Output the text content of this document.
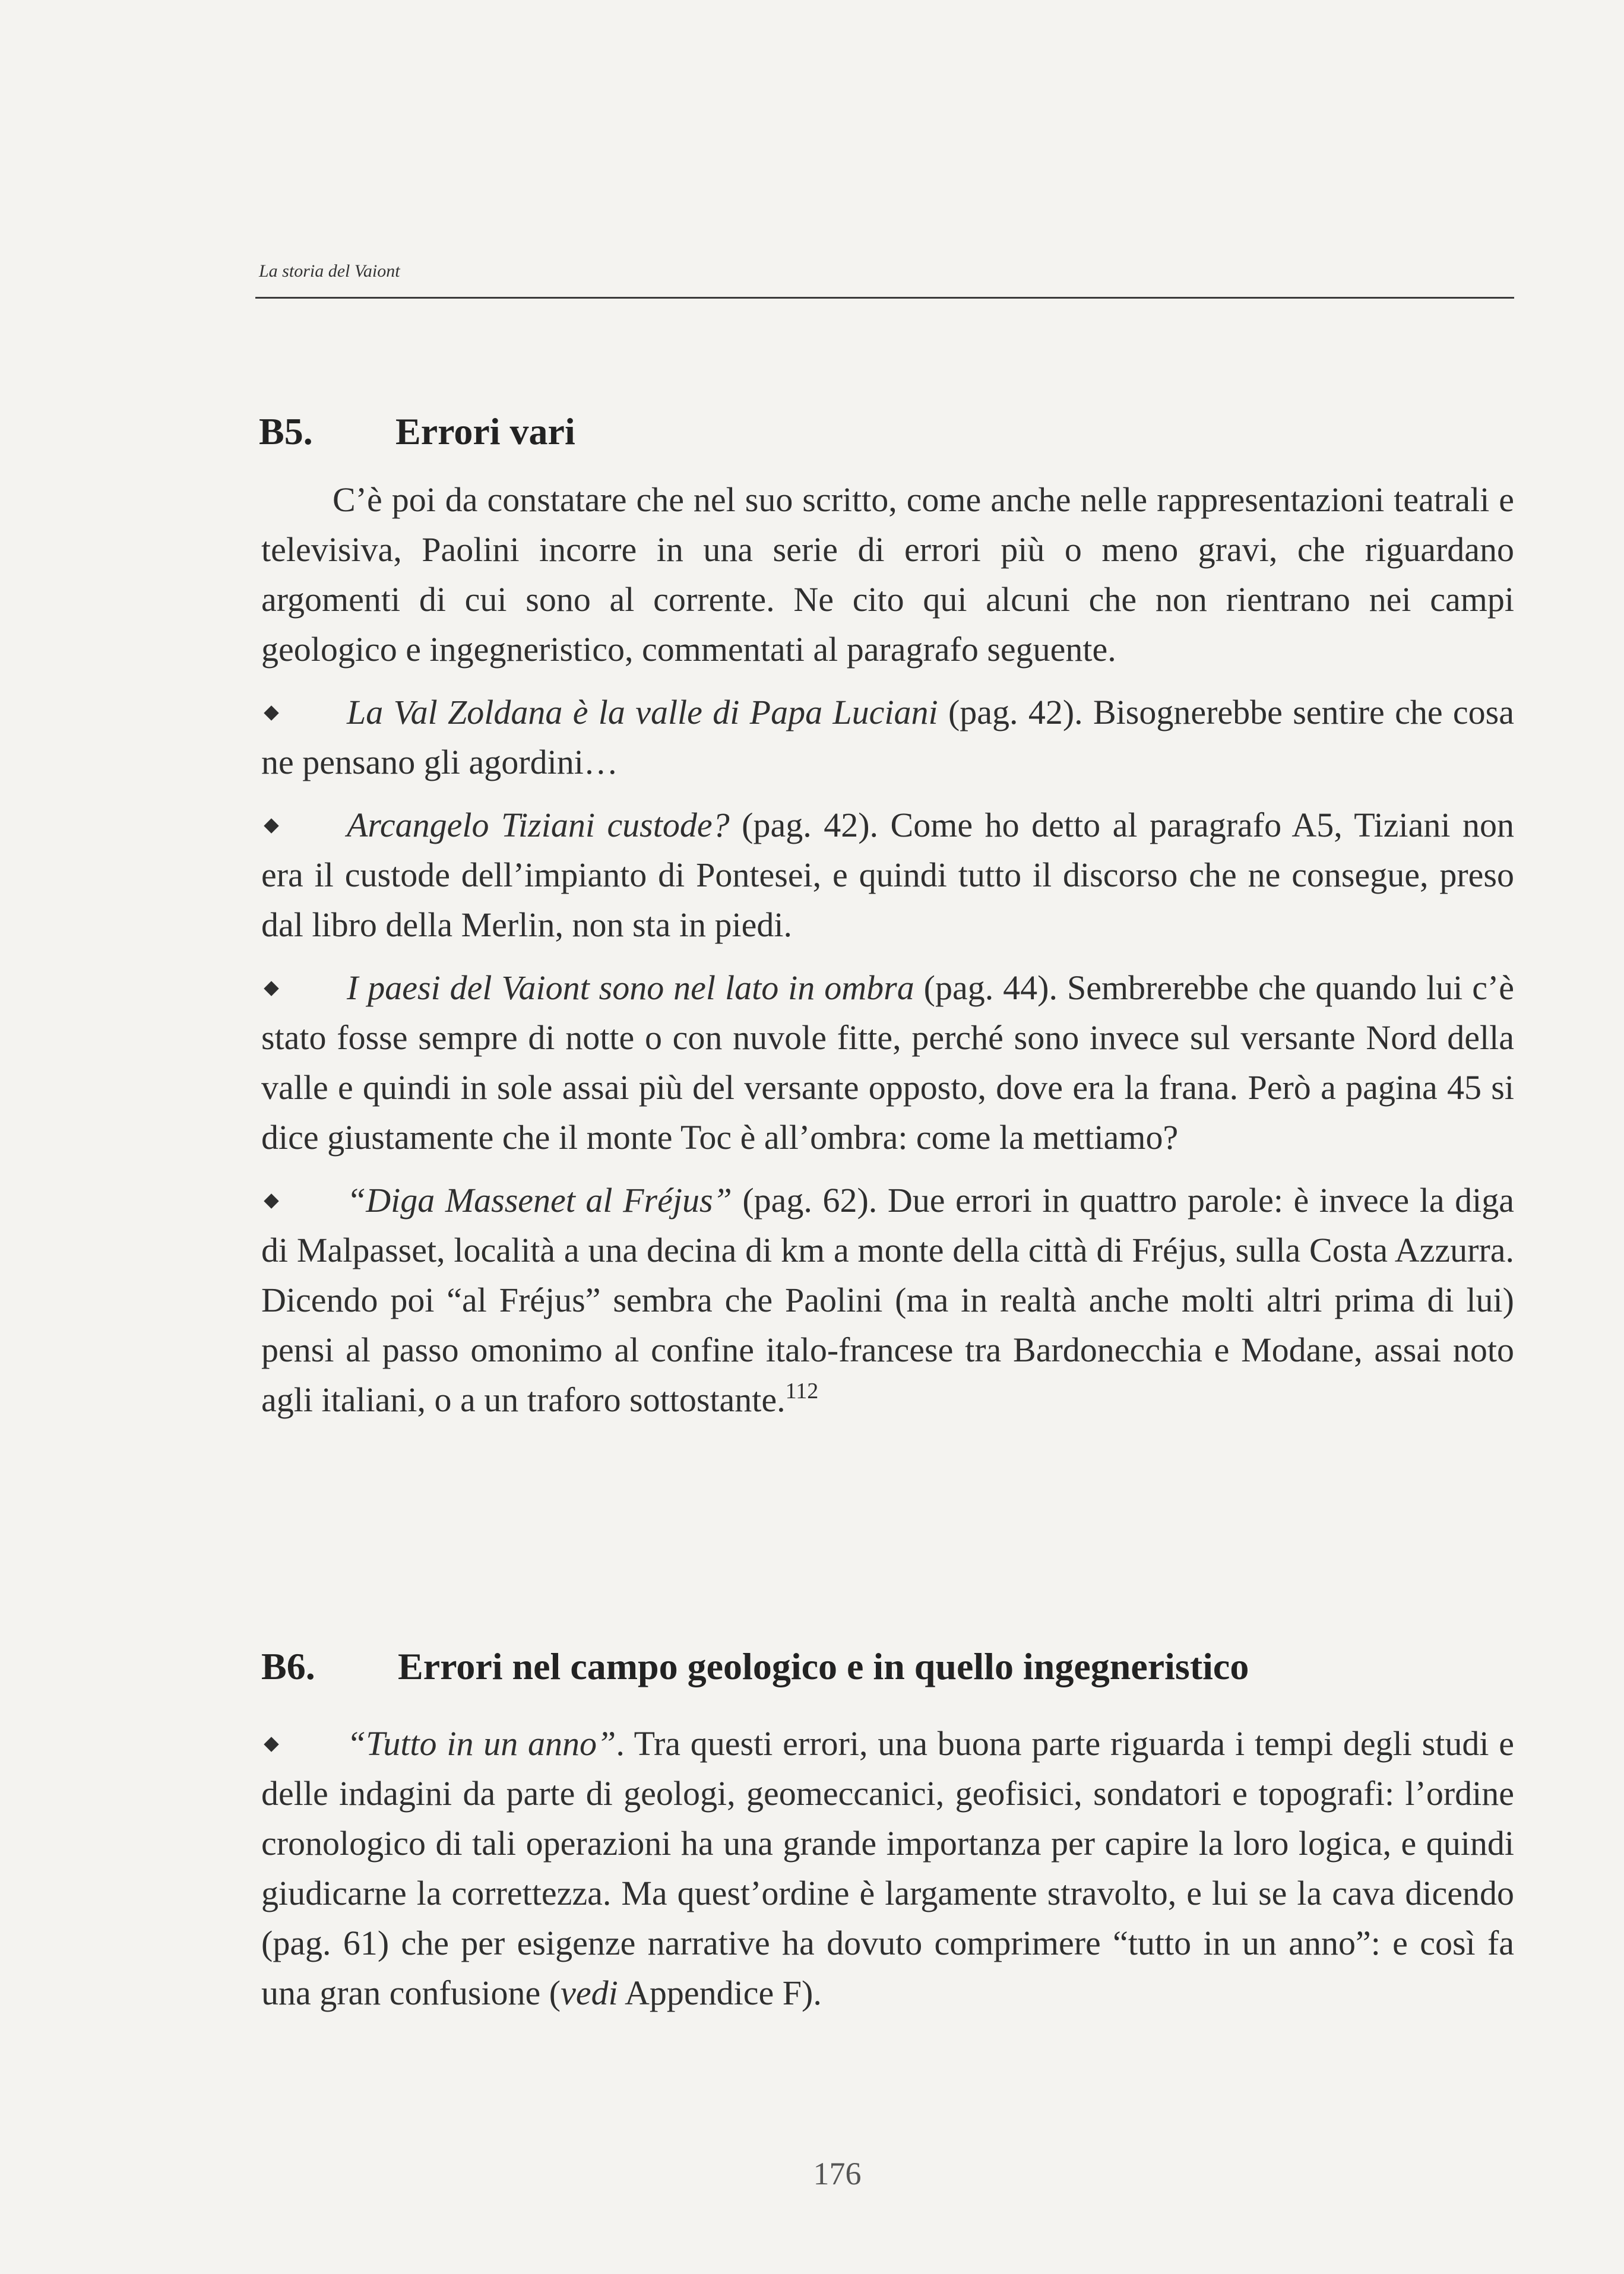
La storia del Vaiont
B5. Errori vari

C’è poi da constatare che nel suo scritto, come anche nelle rappresentazioni teatrali e televisiva, Paolini incorre in una serie di errori più o meno gravi, che riguardano argomenti di cui sono al corrente. Ne cito qui alcuni che non rientrano nei campi geologico e ingegneristico, commentati al paragrafo seguente.

La Val Zoldana è la valle di Papa Luciani (pag. 42). Bisognerebbe sentire che cosa ne pensano gli agordini…

Arcangelo Tiziani custode? (pag. 42). Come ho detto al paragrafo A5, Tiziani non era il custode dell’impianto di Pontesei, e quindi tutto il discorso che ne consegue, preso dal libro della Merlin, non sta in piedi.

I paesi del Vaiont sono nel lato in ombra (pag. 44). Sembrerebbe che quando lui c’è stato fosse sempre di notte o con nuvole fitte, perché sono invece sul versante Nord della valle e quindi in sole assai più del versante opposto, dove era la frana. Però a pagina 45 si dice giustamente che il monte Toc è all’ombra: come la mettiamo?

“Diga Massenet al Fréjus” (pag. 62). Due errori in quattro parole: è invece la diga di Malpasset, località a una decina di km a monte della città di Fréjus, sulla Costa Azzurra. Dicendo poi “al Fréjus” sembra che Paolini (ma in realtà anche molti altri prima di lui) pensi al passo omonimo al confine italo-francese tra Bardonecchia e Modane, assai noto agli italiani, o a un traforo sottostante.$^{112}$

B6. Errori nel campo geologico e in quello ingegneristico

“Tutto in un anno”. Tra questi errori, una buona parte riguarda i tempi degli studi e delle indagini da parte di geologi, geomeccanici, geofisici, sondatori e topografi: l’ordine cronologico di tali operazioni ha una grande importanza per capire la loro logica, e quindi giudicarne la correttezza. Ma quest’ordine è largamente stravolto, e lui se la cava dicendo (pag. 61) che per esigenze narrative ha dovuto comprimere “tutto in un anno”: e così fa una gran confusione (vedi Appendice F).

176
